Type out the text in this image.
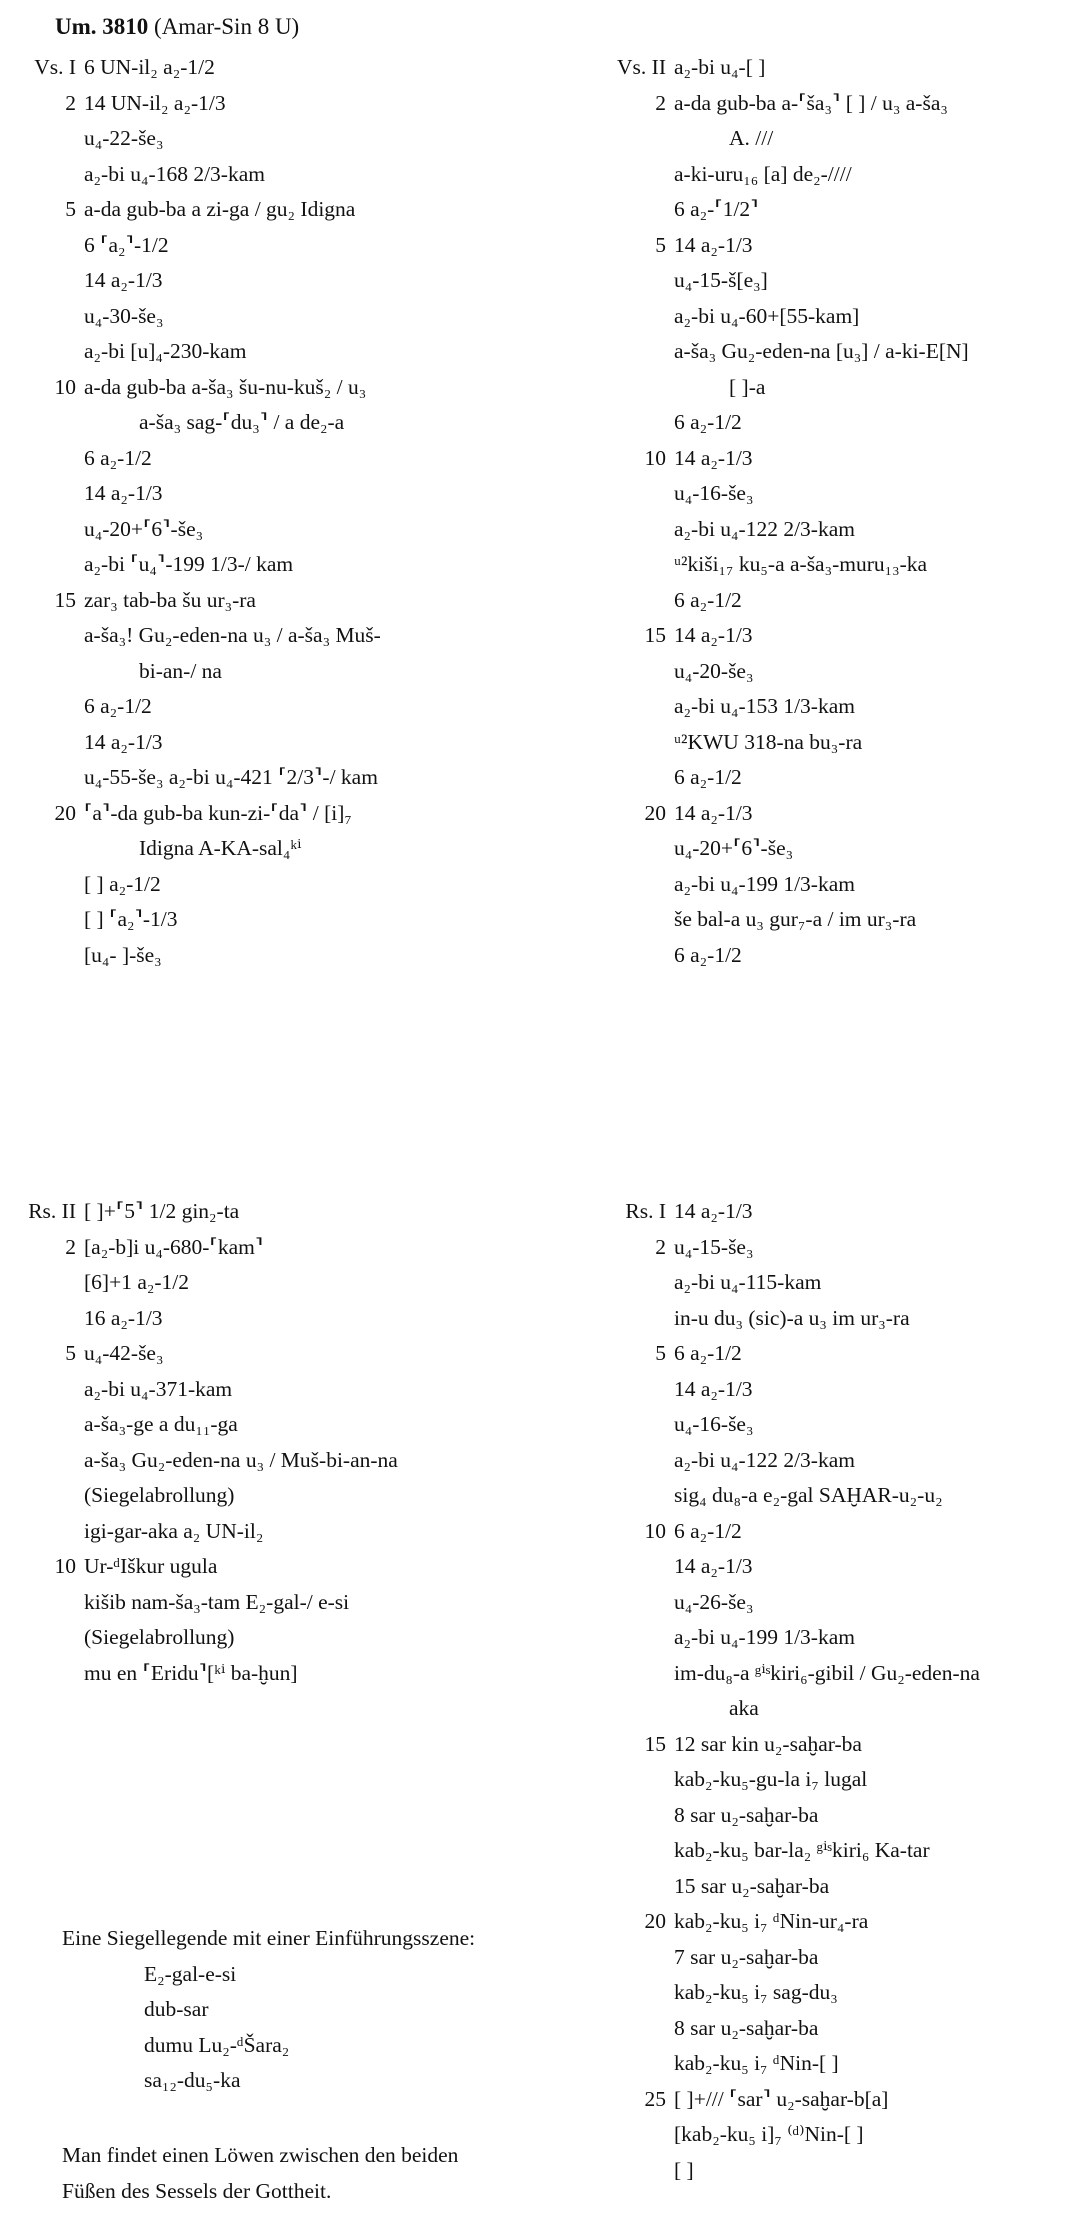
Um. 3810 (Amar-Sin 8 U)
Vs. I 6 UN-il₂ a₂-1/2
2 14 UN-il₂ a₂-1/3
u₄-22-še₃
a₂-bi u₄-168 2/3-kam
5 a-da gub-ba a zi-ga / gu₂ Idigna
6 ⸢a₂⸣-1/2
14 a₂-1/3
u₄-30-še₃
a₂-bi [u]₄-230-kam
10 a-da gub-ba a-ša₃ šu-nu-kuš₂ / u₃
a-ša₃ sag-⸢du₃⸣ / a de₂-a
6 a₂-1/2
14 a₂-1/3
u₄-20+⸢6⸣-še₃
a₂-bi ⸢u₄⸣-199 1/3-/ kam
15 zar₃ tab-ba šu ur₃-ra
a-ša₃! Gu₂-eden-na u₃ / a-ša₃ Muš-
bi-an-/ na
6 a₂-1/2
14 a₂-1/3
u₄-55-še₃ a₂-bi u₄-421 ⸢2/3⸣-/ kam
20 ⸢a⸣-da gub-ba kun-zi-⸢da⸣ / [i]₇
Idigna A-KA-sal₄ᵏⁱ
[ ] a₂-1/2
[ ] ⸢a₂⸣-1/3
[u₄- ]-še₃
Vs. II a₂-bi u₄-[ ]
2 a-da gub-ba a-⸢ša₃⸣ [ ] / u₃ a-ša₃
A. ///
a-ki-uru₁₆ [a] de₂-////
6 a₂-⸢1/2⸣
5 14 a₂-1/3
u₄-15-š[e₃]
a₂-bi u₄-60+[55-kam]
a-ša₃ Gu₂-eden-na [u₃] / a-ki-E[N]
[ ]-a
6 a₂-1/2
10 14 a₂-1/3
u₄-16-še₃
a₂-bi u₄-122 2/3-kam
ᵘ²kiši₁₇ ku₅-a a-ša₃-muru₁₃-ka
6 a₂-1/2
15 14 a₂-1/3
u₄-20-še₃
a₂-bi u₄-153 1/3-kam
ᵘ²KWU 318-na bu₃-ra
6 a₂-1/2
20 14 a₂-1/3
u₄-20+⸢6⸣-še₃
a₂-bi u₄-199 1/3-kam
še bal-a u₃ gur₇-a / im ur₃-ra
6 a₂-1/2
Rs. II [ ]+⸢5⸣ 1/2 gin₂-ta
2 [a₂-b]i u₄-680-⸢kam⸣
[6]+1 a₂-1/2
16 a₂-1/3
5 u₄-42-še₃
a₂-bi u₄-371-kam
a-ša₃-ge a du₁₁-ga
a-ša₃ Gu₂-eden-na u₃ / Muš-bi-an-na
(Siegelabrollung)
igi-gar-aka a₂ UN-il₂
10 Ur-ᵈIškur ugula
kišib nam-ša₃-tam E₂-gal-/ e-si
(Siegelabrollung)
mu en ⸢Eridu⸣[ᵏⁱ ba-ḫun]
Rs. I 14 a₂-1/3
2 u₄-15-še₃
a₂-bi u₄-115-kam
in-u du₃ (sic)-a u₃ im ur₃-ra
5 6 a₂-1/2
14 a₂-1/3
u₄-16-še₃
a₂-bi u₄-122 2/3-kam
sig₄ du₈-a e₂-gal SAḪAR-u₂-u₂
10 6 a₂-1/2
14 a₂-1/3
u₄-26-še₃
a₂-bi u₄-199 1/3-kam
im-du₈-a ᵍⁱˢkiri₆-gibil / Gu₂-eden-na
aka
15 12 sar kin u₂-saḫar-ba
kab₂-ku₅-gu-la i₇ lugal
8 sar u₂-saḫar-ba
kab₂-ku₅ bar-la₂ ᵍⁱˢkiri₆ Ka-tar
15 sar u₂-saḫar-ba
20 kab₂-ku₅ i₇ ᵈNin-ur₄-ra
7 sar u₂-saḫar-ba
kab₂-ku₅ i₇ sag-du₃
8 sar u₂-saḫar-ba
kab₂-ku₅ i₇ ᵈNin-[ ]
25 [ ]+/// ⸢sar⸣ u₂-saḫar-b[a]
[kab₂-ku₅ i]₇ ⁽ᵈ⁾Nin-[ ]
[ ]
Eine Siegellegende mit einer Einführungsszene:
E₂-gal-e-si
dub-sar
dumu Lu₂-ᵈŠara₂
sa₁₂-du₅-ka
Man findet einen Löwen zwischen den beiden
Füßen des Sessels der Gottheit.
